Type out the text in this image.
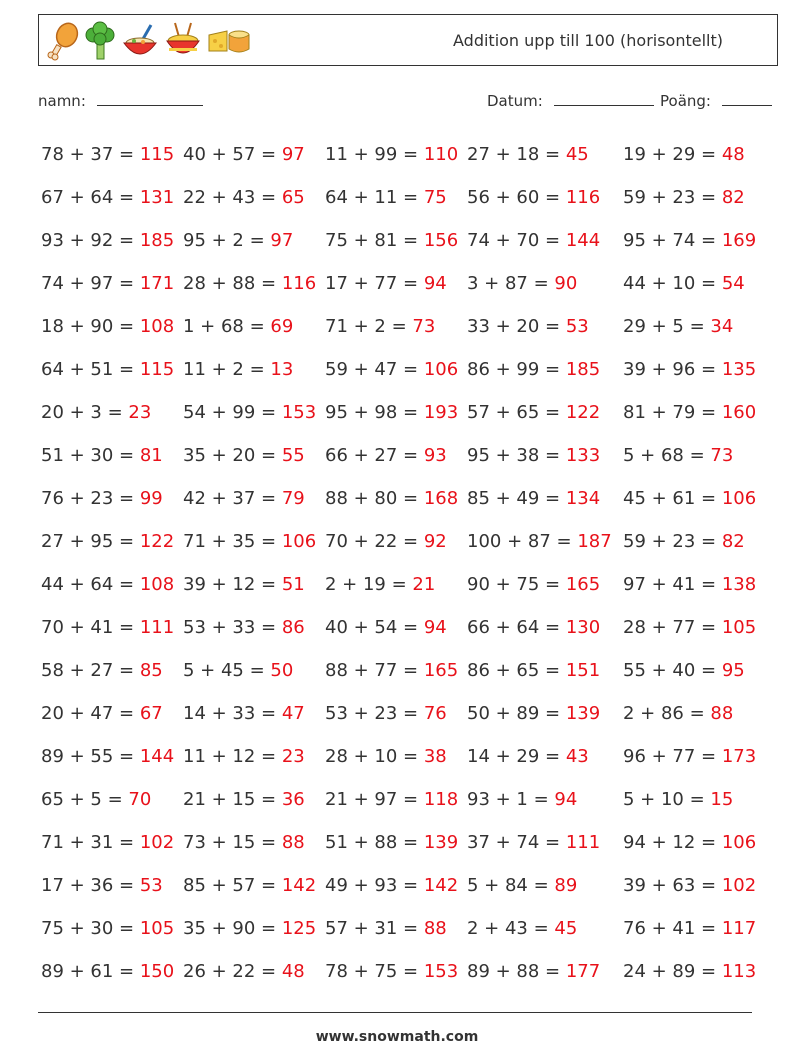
Addition upp till 100 (horisontellt)
namn:	Datum:	Poäng:
78 + 37 = 115 40 + 57 = 97 11 + 99 = 110 27 + 18 = 45 19 + 29 = 48
67 + 64 = 131 22 + 43 = 65 64 + 11 = 75 56 + 60 = 116 59 + 23 = 82
93 + 92 = 185 95 + 2 = 97 75 + 81 = 156 74 + 70 = 144 95 + 74 = 169
74 + 97 = 171 28 + 88 = 116 17 + 77 = 94 3 + 87 = 90	44 + 10 = 54
18 + 90 = 108 1 + 68 = 69 71 + 2 = 73 33 + 20 = 53 29 + 5 = 34
64 + 51 = 115 11 + 2 = 13 59 + 47 = 106 86 + 99 = 185 39 + 96 = 135
20 + 3 = 23 54 + 99 = 153 95 + 98 = 193 57 + 65 = 122 81 + 79 = 160
51 + 30 = 81 35 + 20 = 55 66 + 27 = 93 95 + 38 = 133 5 + 68 = 73
76 + 23 = 99 42 + 37 = 79 88 + 80 = 168 85 + 49 = 134 45 + 61 = 106
27 + 95 = 122 71 + 35 = 106 70 + 22 = 92 100 + 87 = 187 59 + 23 = 82
44 + 64 = 108 39 + 12 = 51 2 + 19 = 21 90 + 75 = 165 97 + 41 = 138
70 + 41 = 111 53 + 33 = 86 40 + 54 = 94 66 + 64 = 130 28 + 77 = 105
58 + 27 = 85 5 + 45 = 50 88 + 77 = 165 86 + 65 = 151 55 + 40 = 95
20 + 47 = 67 14 + 33 = 47 53 + 23 = 76 50 + 89 = 139 2 + 86 = 88
89 + 55 = 144 11 + 12 = 23 28 + 10 = 38 14 + 29 = 43 96 + 77 = 173
65 + 5 = 70 21 + 15 = 36 21 + 97 = 118 93 + 1 = 94	5 + 10 = 15
71 + 31 = 102 73 + 15 = 88 51 + 88 = 139 37 + 74 = 111 94 + 12 = 106
17 + 36 = 53 85 + 57 = 142 49 + 93 = 142 5 + 84 = 89	39 + 63 = 102
75 + 30 = 105 35 + 90 = 125 57 + 31 = 88 2 + 43 = 45	76 + 41 = 117
89 + 61 = 150 26 + 22 = 48 78 + 75 = 153 89 + 88 = 177 24 + 89 = 113
www.snowmath.com
